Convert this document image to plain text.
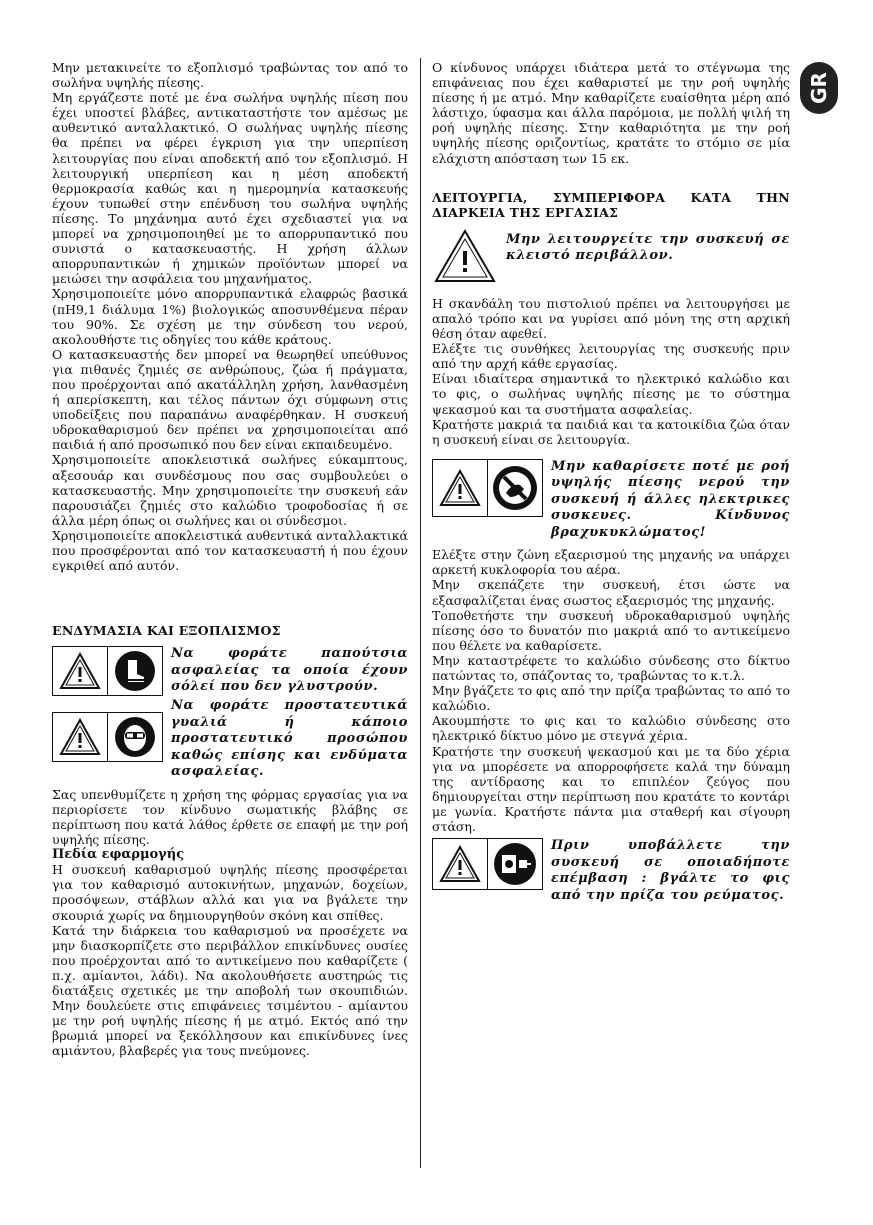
GR

Μην μετακινείτε το εξοπλισμό τραβώντας τον από το σωλήνα υψηλής πίεσης.

Μη εργάζεστε ποτέ με ένα σωλήνα υψηλής πίεση που έχει υποστεί βλάβες, αντικαταστήστε τον αμέσως με αυθεντικό ανταλλακτικό. Ο σωλήνας υψηλής πίεσης θα πρέπει να φέρει έγκριση για την υπερπίεση λειτουργίας που είναι αποδεκτή από τον εξοπλισμό. Η λειτουργική υπερπίεση και η μέση αποδεκτή θερμοκρασία καθώς και η ημερομηνία κατασκευής έχουν τυπωθεί στην επένδυση του σωλήνα υψηλής πίεσης. Το μηχάνημα αυτό έχει σχεδιαστεί για να μπορεί να χρησιμοποιηθεί με το απορρυπαντικό που συνιστά ο κατασκευαστής. Η χρήση άλλων απορρυπαντικών ή χημικών προϊόντων μπορεί να μειώσει την ασφάλεια του μηχανήματος.

Χρησιμοποιείτε μόνο απορρυπαντικά ελαφρώς βασικά (πΗ9,1 διάλυμα 1%) βιολογικώς αποσυνθέμενα πέραν του 90%. Σε σχέση με την σύνδεση του νερού, ακολουθήστε τις οδηγίες του κάθε κράτους.

Ο κατασκευαστής δεν μπορεί να θεωρηθεί υπεύθυνος για πιθανές ζημιές σε ανθρώπους, ζώα ή πράγματα, που προέρχονται από ακατάλληλη χρήση, λανθασμένη ή απερίσκεπτη, και τέλος πάντων όχι σύμφωνη στις υποδείξεις που παραπάνω αναφέρθηκαν. Η συσκευή υδροκαθαρισμού δεν πρέπει να χρησιμοποιείται από παιδιά ή από προσωπικό που δεν είναι εκπαιδευμένο.

Χρησιμοποιείτε αποκλειστικά σωλήνες εύκαμπτους, αξεσουάρ και συνδέσμους που σας συμβουλεύει ο κατασκευαστής. Μην χρησιμοποιείτε την συσκευή εάν παρουσιάζει ζημιές στο καλώδιο τροφοδοσίας ή σε άλλα μέρη όπως οι σωλήνες και οι σύνδεσμοι.

Χρησιμοποιείτε αποκλειστικά αυθεντικά ανταλλακτικά που προσφέρονται από τον κατασκευαστή ή που έχουν εγκριθεί από αυτόν.

ΕΝΔΥΜΑΣΙΑ ΚΑΙ ΕΞΟΠΛΙΣΜΟΣ

Να φοράτε παπούτσια ασφαλείας τα οποία έχουν σόλεί που δεν γλυστρούν.
Να φοράτε προστατευτικά γυαλιά ή κάποιο προστατευτικό προσώπου καθώς επίσης και ενδύματα ασφαλείας.

Σας υπενθυμίζετε η χρήση της φόρμας εργασίας για να περιορίσετε τον κίνδυνο σωματικής βλάβης σε περίπτωση που κατά λάθος έρθετε σε επαφή με την ροή υψηλής πίεσης.

Πεδία εφαρμογής

Η συσκευή καθαρισμού υψηλής πίεσης προσφέρεται για τον καθαρισμό αυτοκινήτων, μηχανών, δοχείων, προσόψεων, στάβλων αλλά και για να βγάλετε την σκουριά χωρίς να δημιουργηθούν σκόνη και σπίθες.

Κατά την διάρκεια του καθαρισμού να προσέχετε να μην διασκορπίζετε στο περιβάλλον επικίνδυνες ουσίες που προέρχονται από το αντικείμενο που καθαρίζετε ( π.χ. αμίαντοι, λάδι). Να ακολουθήσετε αυστηρώς τις διατάξεις σχετικές με την αποβολή των σκουπιδιών. Μην δουλεύετε στις επιφάνειες τσιμέντου - αμίαντου με την ροή υψηλής πίεσης ή με ατμό. Εκτός από την βρωμιά μπορεί να ξεκόλλησουν και επικίνδυνες ίνες αμιάντου, βλαβερές για τους πνεύμονες.

Ο κίνδυνος υπάρχει ιδιάτερα μετά το στέγνωμα της επιφάνειας που έχει καθαριστεί με την ροή υψηλής πίεσης ή με ατμό. Μην καθαρίζετε ευαίσθητα μέρη από λάστιχο, ύφασμα και άλλα παρόμοια, με πολλή ψιλή τη ροή υψηλής πίεσης. Στην καθαριότητα με την ροή υψηλής πίεσης οριζοντίως, κρατάτε το στόμιο σε μία ελάχιστη απόσταση των 15 εκ.

ΛΕΙΤΟΥΡΓΙΑ, ΣΥΜΠΕΡΙΦΟΡΑ ΚΑΤΑ ΤΗΝ ΔΙΑΡΚΕΙΑ ΤΗΣ ΕΡΓΑΣΙΑΣ

Μην λειτουργείτε την συσκευή σε κλειστό περιβάλλον.

Η σκανδάλη του πιστολιού πρέπει να λειτουργήσει με απαλό τρόπο και να γυρίσει από μόνη της στη αρχική θέση όταν αφεθεί.

Ελέξτε τις συνθήκες λειτουργίας της συσκευής πριν από την αρχή κάθε εργασίας.

Είναι ιδιαίτερα σημαντικά το ηλεκτρικό καλώδιο και το φις, ο σωλήνας υψηλής πίεσης με το σύστημα ψεκασμού και τα συστήματα ασφαλείας.

Κρατήστε μακριά τα παιδιά και τα κατοικίδια ζώα όταν η συσκευή είναι σε λειτουργία.

Μην καθαρίσετε ποτέ με ροή υψηλής πίεσης νερού την συσκευή ή άλλες ηλεκτρικες συσκευες. Κίνδυνος βραχυκυκλώματος!

Ελέξτε στην ζώνη εξαερισμού της μηχανής να υπάρχει αρκετή κυκλοφορία του αέρα.

Μην σκεπάζετε την συσκευή, έτσι ώστε να εξασφαλίζεται ένας σωστος εξαερισμός της μηχανής.

Τοποθετήστε την συσκευή υδροκαθαρισμού υψηλής πίεσης όσο το δυνατόν πιο μακριά από το αντικείμενο που θέλετε να καθαρίσετε.

Μην καταστρέφετε το καλώδιο σύνδεσης στο δίκτυο πατώντας το, σπάζοντας το, τραβώντας το κ.τ.λ.

Μην βγάζετε το φις από την πρίζα τραβώντας το από το καλώδιο.

Ακουμπήστε το φις και το καλώδιο σύνδεσης στο ηλεκτρικό δίκτυο μόνο με στεγνά χέρια.

Κρατήστε την συσκευή ψεκασμού και με τα δύο χέρια για να μπορέσετε να απορροφήσετε καλά την δύναμη της αντίδρασης και το επιπλέον ζεύγος που δημιουργείται στην περίπτωση που κρατάτε το κοντάρι με γωνία. Κρατήστε πάντα μια σταθερή και σίγουρη στάση.

Πριν υποβάλλετε την συσκευή σε οποιαδήποτε επέμβαση : βγάλτε το φις από την πρίζα του ρεύματος.
